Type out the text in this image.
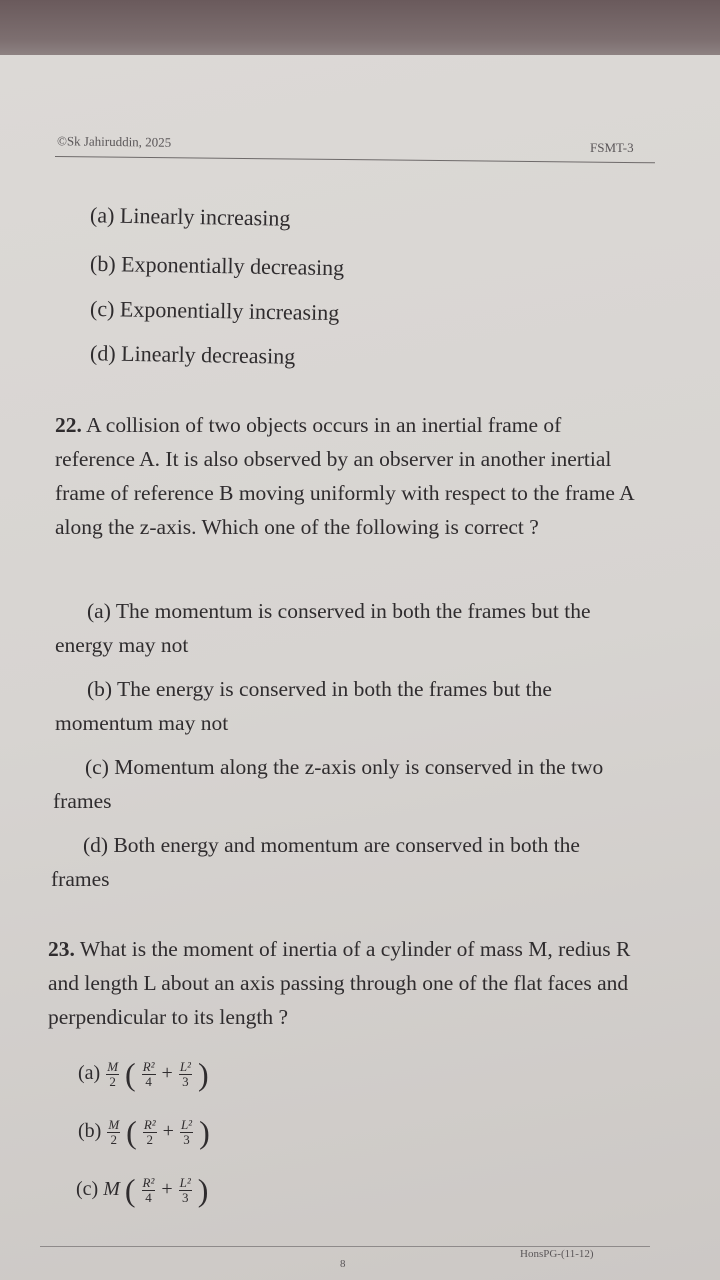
©Sk Jahiruddin, 2025	FSMT-3
(a) Linearly increasing
(b) Exponentially decreasing
(c) Exponentially increasing
(d) Linearly decreasing
22. A collision of two objects occurs in an inertial frame of reference A. It is also observed by an observer in another inertial frame of reference B moving uniformly with respect to the frame A along the z-axis. Which one of the following is correct ?
(a) The momentum is conserved in both the frames but the energy may not
(b) The energy is conserved in both the frames but the momentum may not
(c) Momentum along the z-axis only is conserved in the two frames
(d) Both energy and momentum are conserved in both the frames
23. What is the moment of inertia of a cylinder of mass M, redius R and length L about an axis passing through one of the flat faces and perpendicular to its length ?
$(a) \frac{M}{2}$ ( $\frac{\text{R²}}{4} + \frac{\text{L²}}{3}$ )
$(b) \frac{M}{2}$ ( $\frac{\text{R²}}{2} + \frac{\text{L²}}{3}$ )
(c) M ( $\frac{\text{R²}}{4} + \frac{\text{L²}}{3}$ )
8
HonsPG-(11-12)
